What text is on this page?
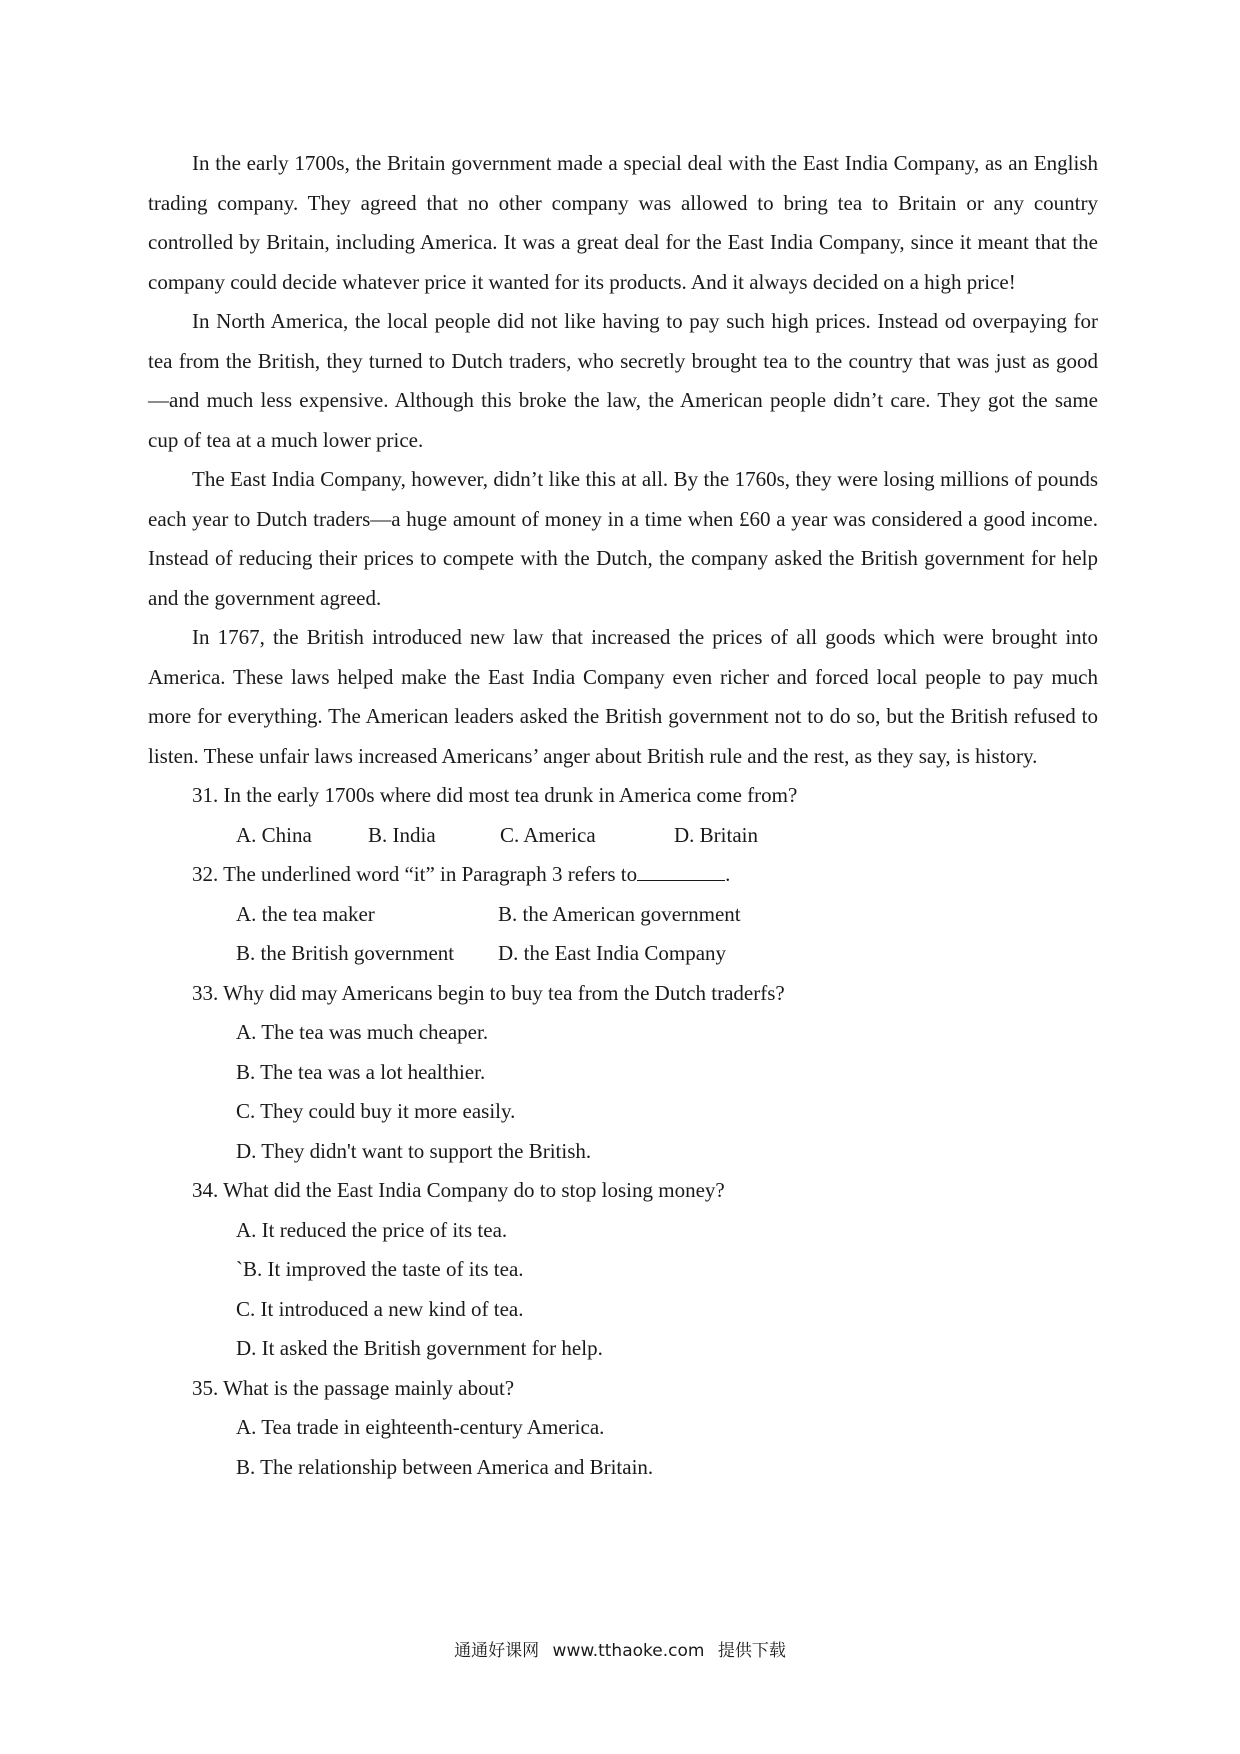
In the early 1700s, the Britain government made a special deal with the East India Company, as an English trading company. They agreed that no other company was allowed to bring tea to Britain or any country controlled by Britain, including America. It was a great deal for the East India Company, since it meant that the company could decide whatever price it wanted for its products. And it always decided on a high price!

In North America, the local people did not like having to pay such high prices. Instead od overpaying for tea from the British, they turned to Dutch traders, who secretly brought tea to the country that was just as good—and much less expensive. Although this broke the law, the American people didn’t care. They got the same cup of tea at a much lower price.

The East India Company, however, didn’t like this at all. By the 1760s, they were losing millions of pounds each year to Dutch traders—a huge amount of money in a time when £60 a year was considered a good income. Instead of reducing their prices to compete with the Dutch, the company asked the British government for help and the government agreed.

In 1767, the British introduced new law that increased the prices of all goods which were brought into America. These laws helped make the East India Company even richer and forced local people to pay much more for everything. The American leaders asked the British government not to do so, but the British refused to listen. These unfair laws increased Americans’ anger about British rule and the rest, as they say, is history.

31. In the early 1700s where did most tea drunk in America come from?

A. China	B. India	C. America	D. Britain

32. The underlined word “it” in Paragraph 3 refers to	.

A. the tea maker	B. the American government

B. the British government D. the East India Company

33. Why did may Americans begin to buy tea from the Dutch traderfs?

A. The tea was much cheaper.

B. The tea was a lot healthier.

C. They could buy it more easily.

D. They didn't want to support the British.

34. What did the East India Company do to stop losing money?

A. It reduced the price of its tea.

`B. It improved the taste of its tea.

C. It introduced a new kind of tea.

D. It asked the British government for help.

35. What is the passage mainly about?

A. Tea trade in eighteenth-century America.

B. The relationship between America and Britain.

通通好课网 www.tthaoke.com 提供下载
